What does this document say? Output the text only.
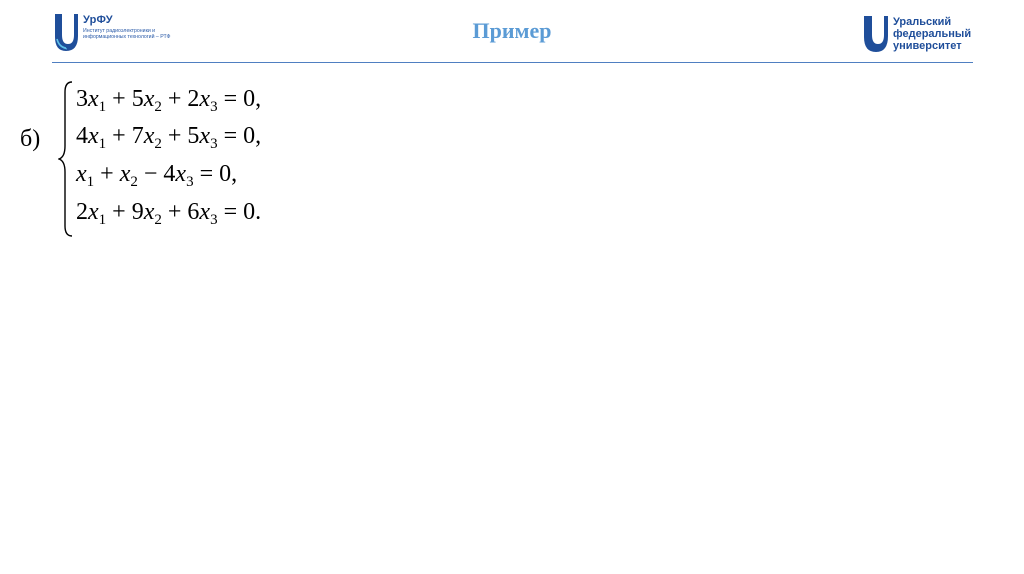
УрФУ
Институт радиоэлектроники и информационных технологий – РТФ	Пример	Уральский
федеральный
университет
б)
$3x_1 + 5x_2 + 2x_3 = 0$,
$4x_1 + 7x_2 + 5x_3 = 0$,
$x_1 + x_2 - 4x_3 = 0$,
$2x_1 + 9x_2 + 6x_3 = 0$.
